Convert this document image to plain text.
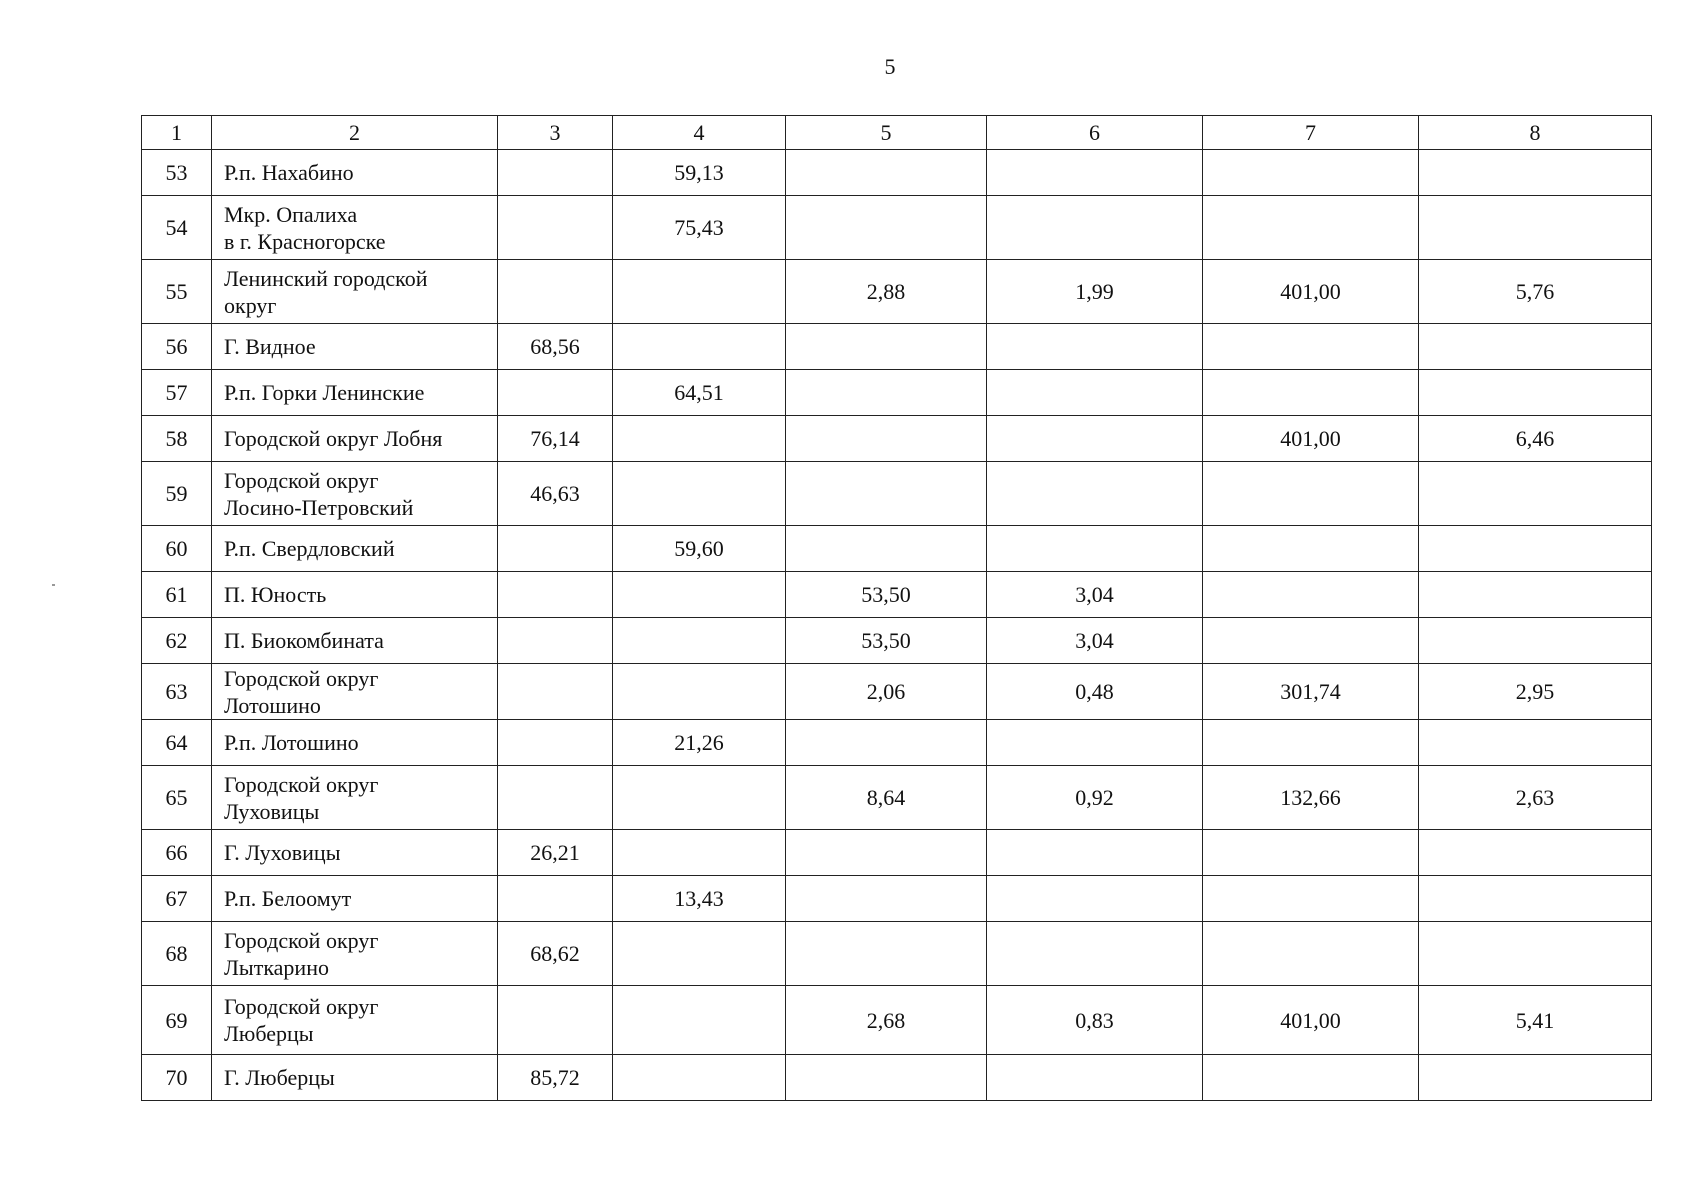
5
1	2	3	4	5	6	7	8
53	Р.п. Нахабино		59,13				
54	Мкр. Опалиха
в г. Красногорске		75,43				
55	Ленинский городской
округ			2,88	1,99	401,00	5,76
56	Г. Видное	68,56					
57	Р.п. Горки Ленинские		64,51				
58	Городской округ Лобня	76,14				401,00	6,46
59	Городской округ
Лосино-Петровский	46,63					
60	Р.п. Свердловский		59,60				
61	П. Юность			53,50	3,04		
62	П. Биокомбината			53,50	3,04		
63	Городской округ
Лотошино			2,06	0,48	301,74	2,95
64	Р.п. Лотошино		21,26				
65	Городской округ
Луховицы			8,64	0,92	132,66	2,63
66	Г. Луховицы	26,21					
67	Р.п. Белоомут		13,43				
68	Городской округ
Лыткарино	68,62					
69	Городской округ
Люберцы			2,68	0,83	401,00	5,41
70	Г. Люберцы	85,72					
